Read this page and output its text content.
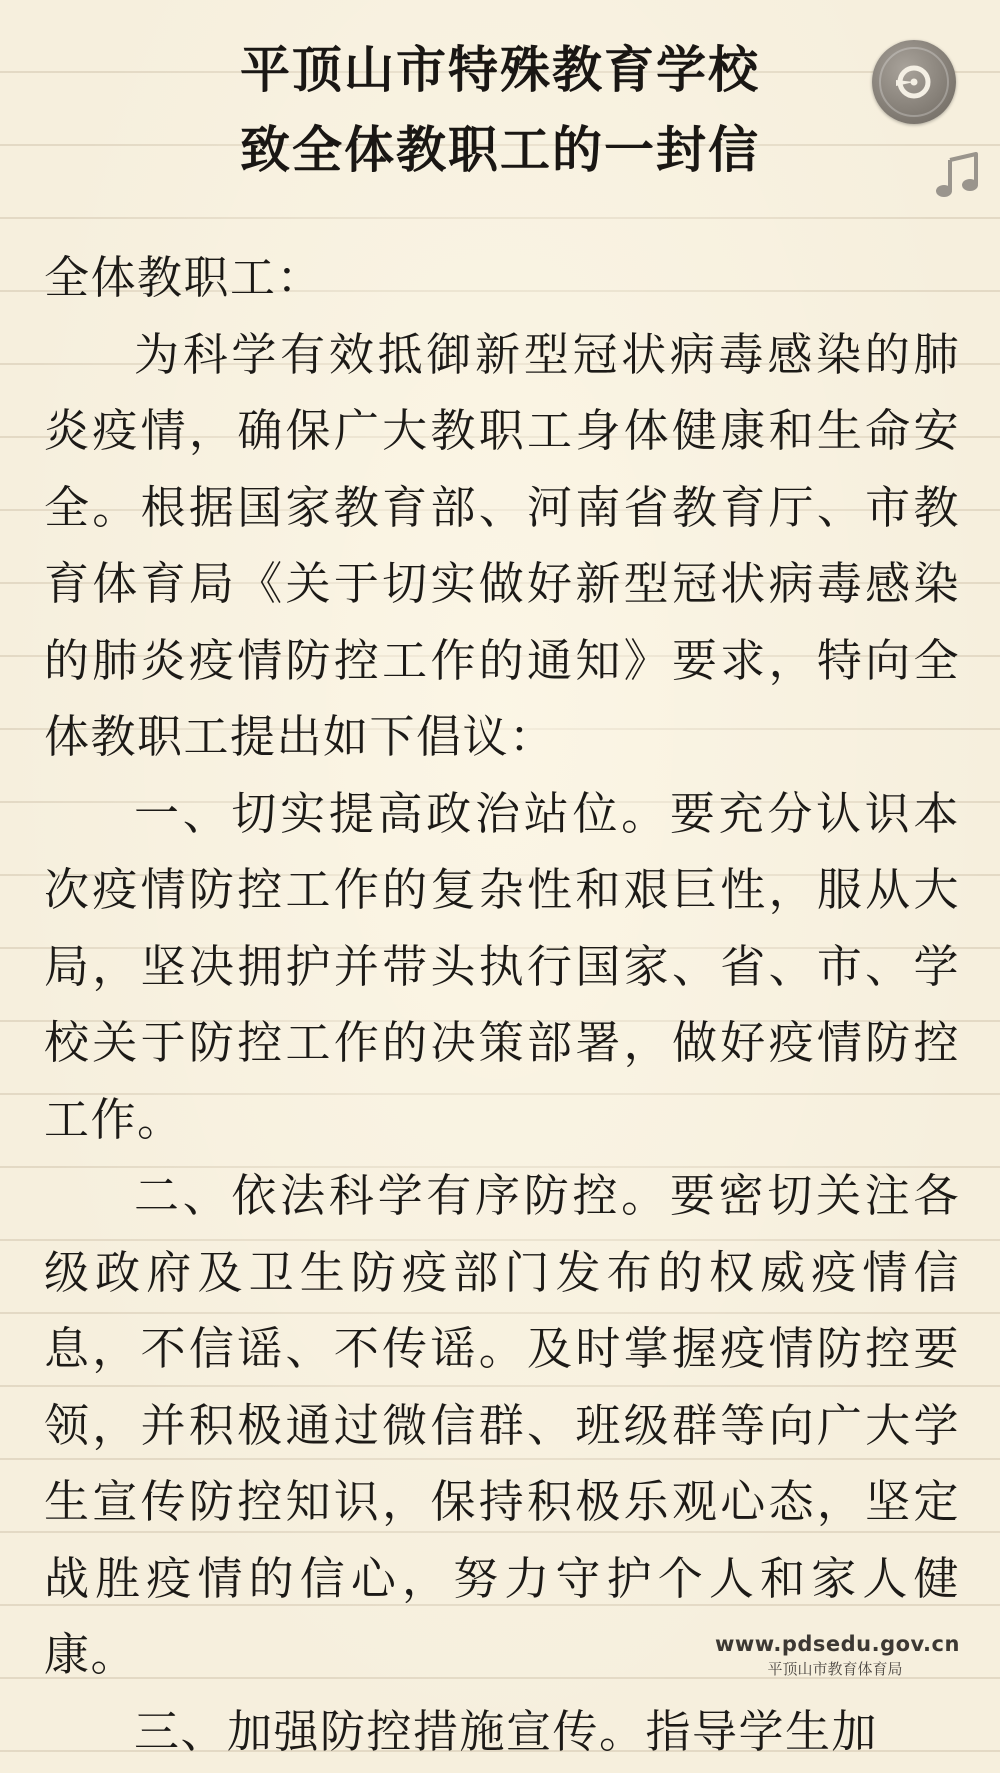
平顶山市特殊教育学校
致全体教职工的一封信

全体教职工：

为科学有效抵御新型冠状病毒感染的肺炎疫情，确保广大教职工身体健康和生命安全。根据国家教育部、河南省教育厅、市教育体育局《关于切实做好新型冠状病毒感染的肺炎疫情防控工作的通知》要求，特向全体教职工提出如下倡议：

一、切实提高政治站位。要充分认识本次疫情防控工作的复杂性和艰巨性，服从大局，坚决拥护并带头执行国家、省、市、学校关于防控工作的决策部署，做好疫情防控工作。

二、依法科学有序防控。要密切关注各级政府及卫生防疫部门发布的权威疫情信息，不信谣、不传谣。及时掌握疫情防控要领，并积极通过微信群、班级群等向广大学生宣传防控知识，保持积极乐观心态，坚定战胜疫情的信心，努力守护个人和家人健康。

三、加强防控措施宣传。指导学生加

www.pdsedu.gov.cn
平顶山市教育体育局
